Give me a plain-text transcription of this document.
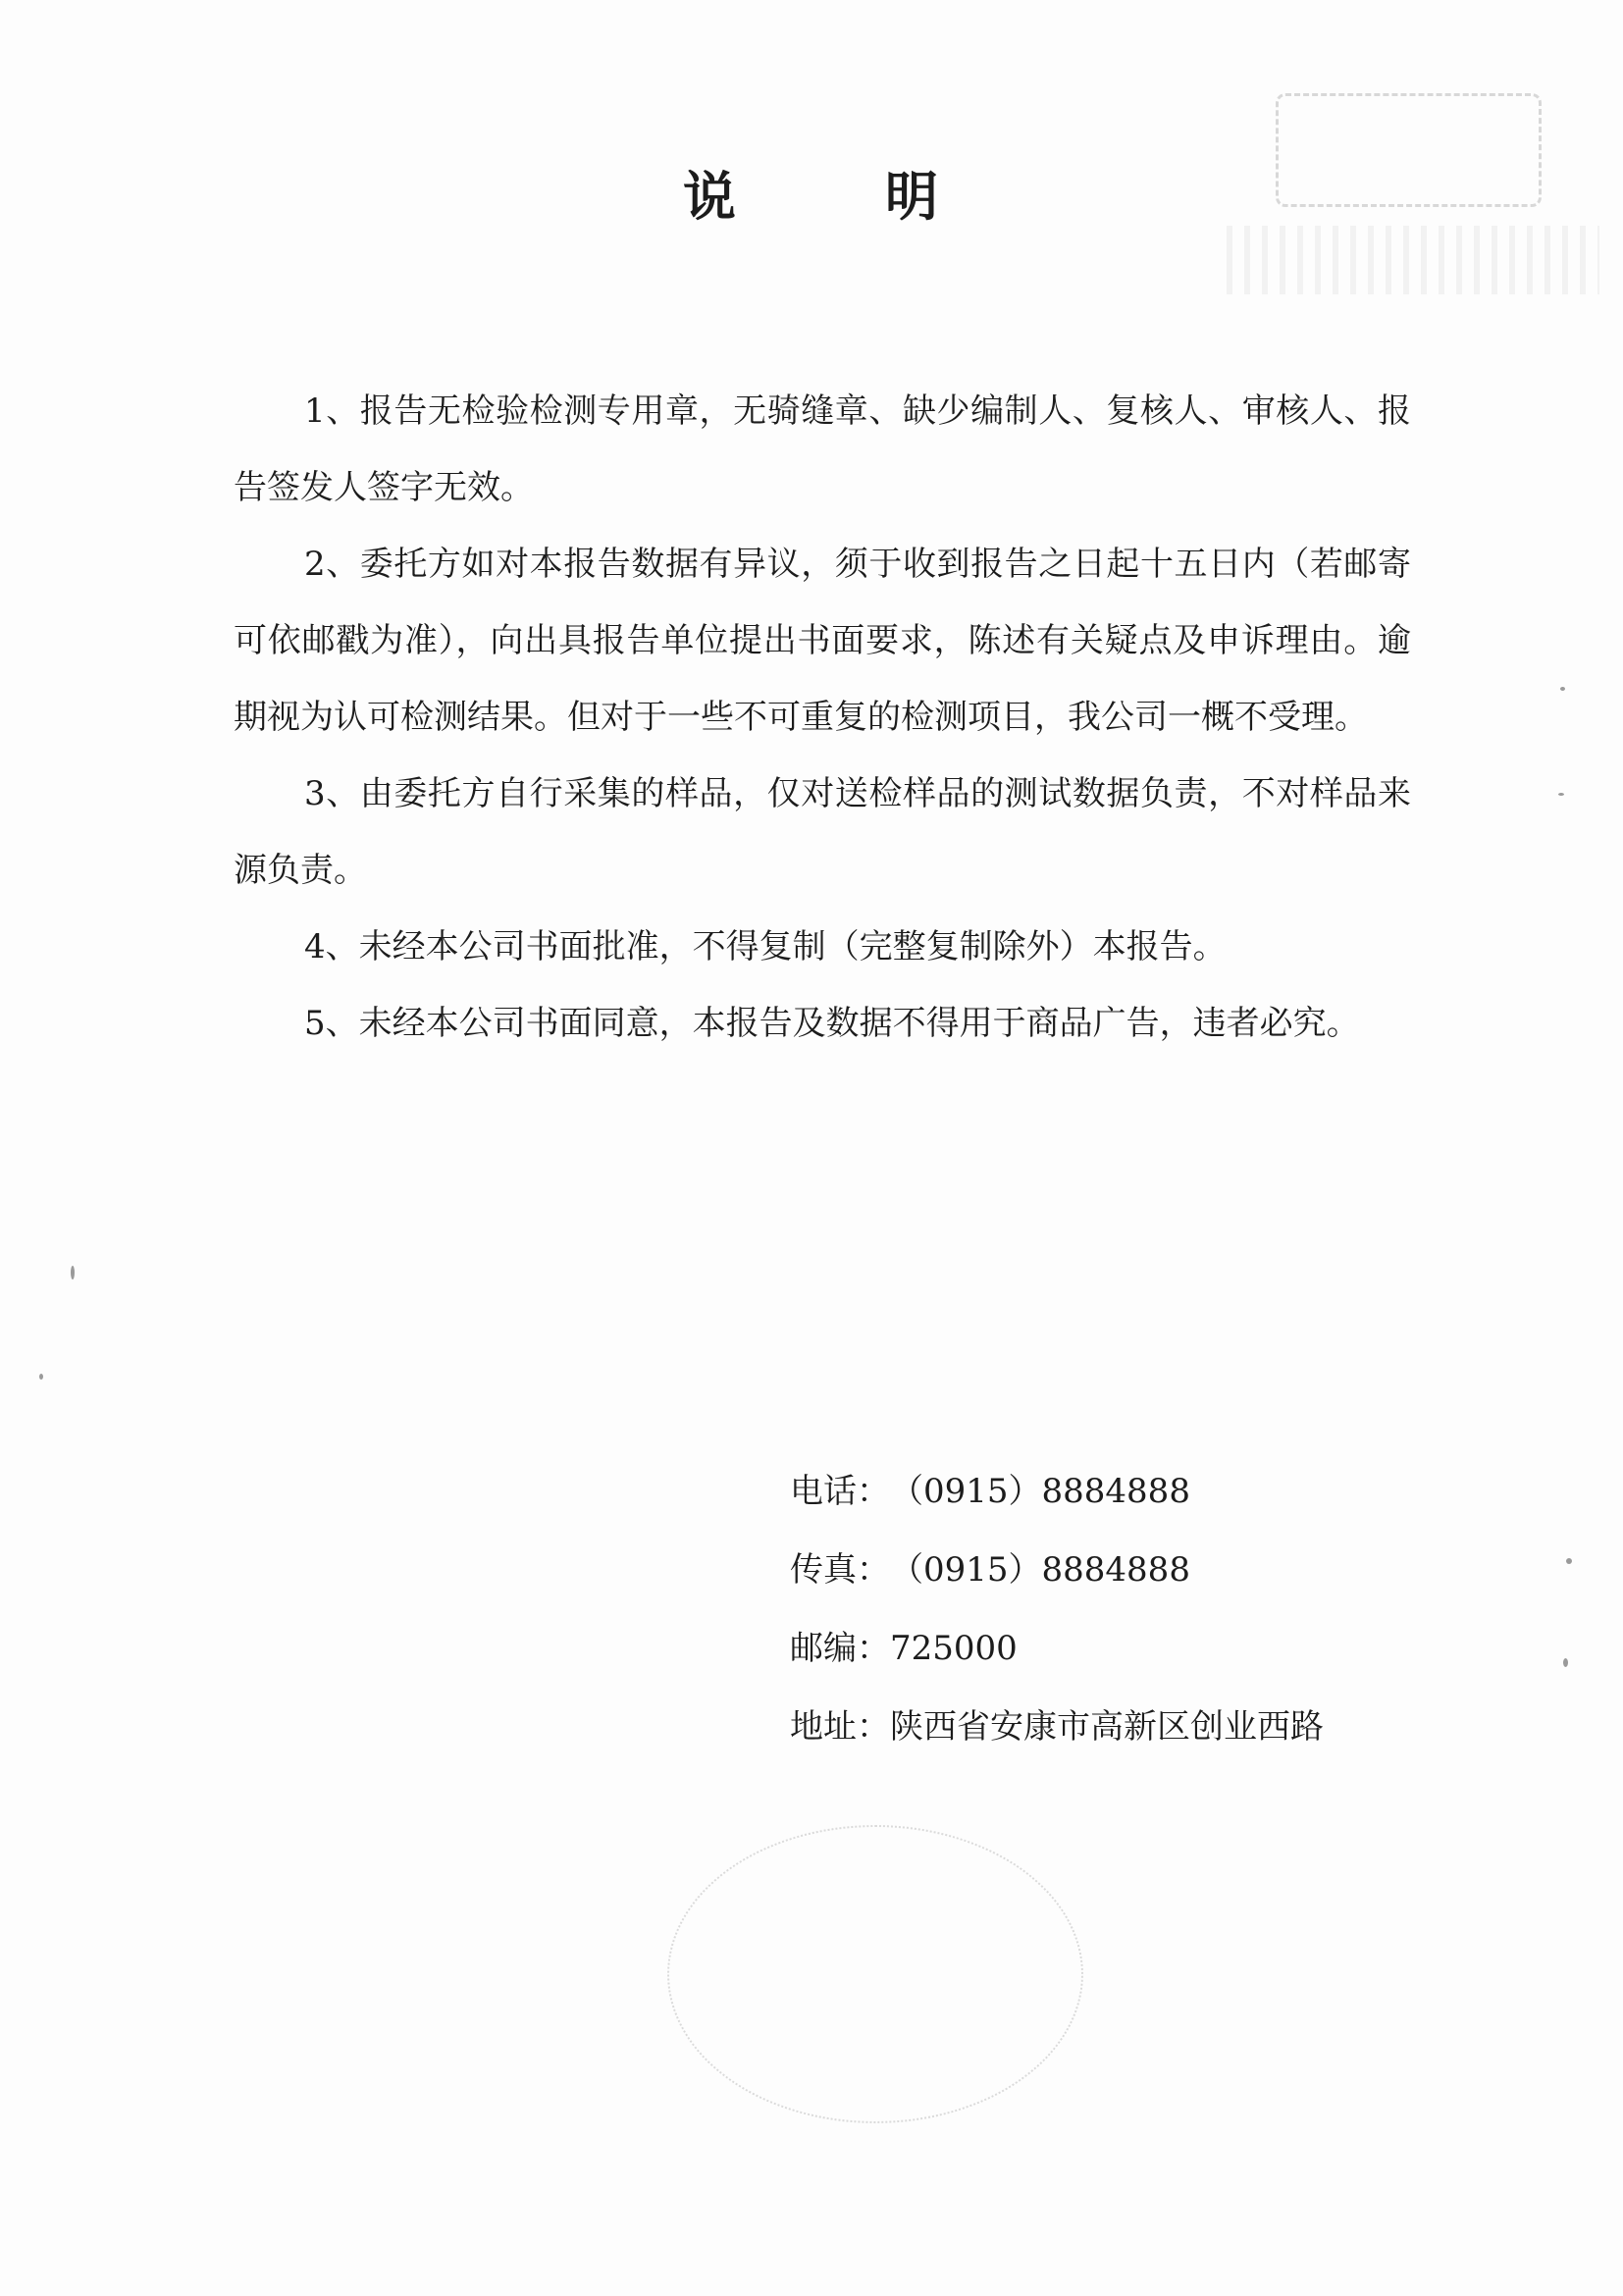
说	明

1、报告无检验检测专用章，无骑缝章、缺少编制人、复核人、审核人、报告签发人签字无效。

2、委托方如对本报告数据有异议，须于收到报告之日起十五日内（若邮寄可依邮戳为准），向出具报告单位提出书面要求，陈述有关疑点及申诉理由。逾期视为认可检测结果。但对于一些不可重复的检测项目，我公司一概不受理。

3、由委托方自行采集的样品，仅对送检样品的测试数据负责，不对样品来源负责。

4、未经本公司书面批准，不得复制（完整复制除外）本报告。

5、未经本公司书面同意，本报告及数据不得用于商品广告，违者必究。

电话：（0915）8884888
传真：（0915）8884888
邮编：725000
地址：陕西省安康市高新区创业西路
